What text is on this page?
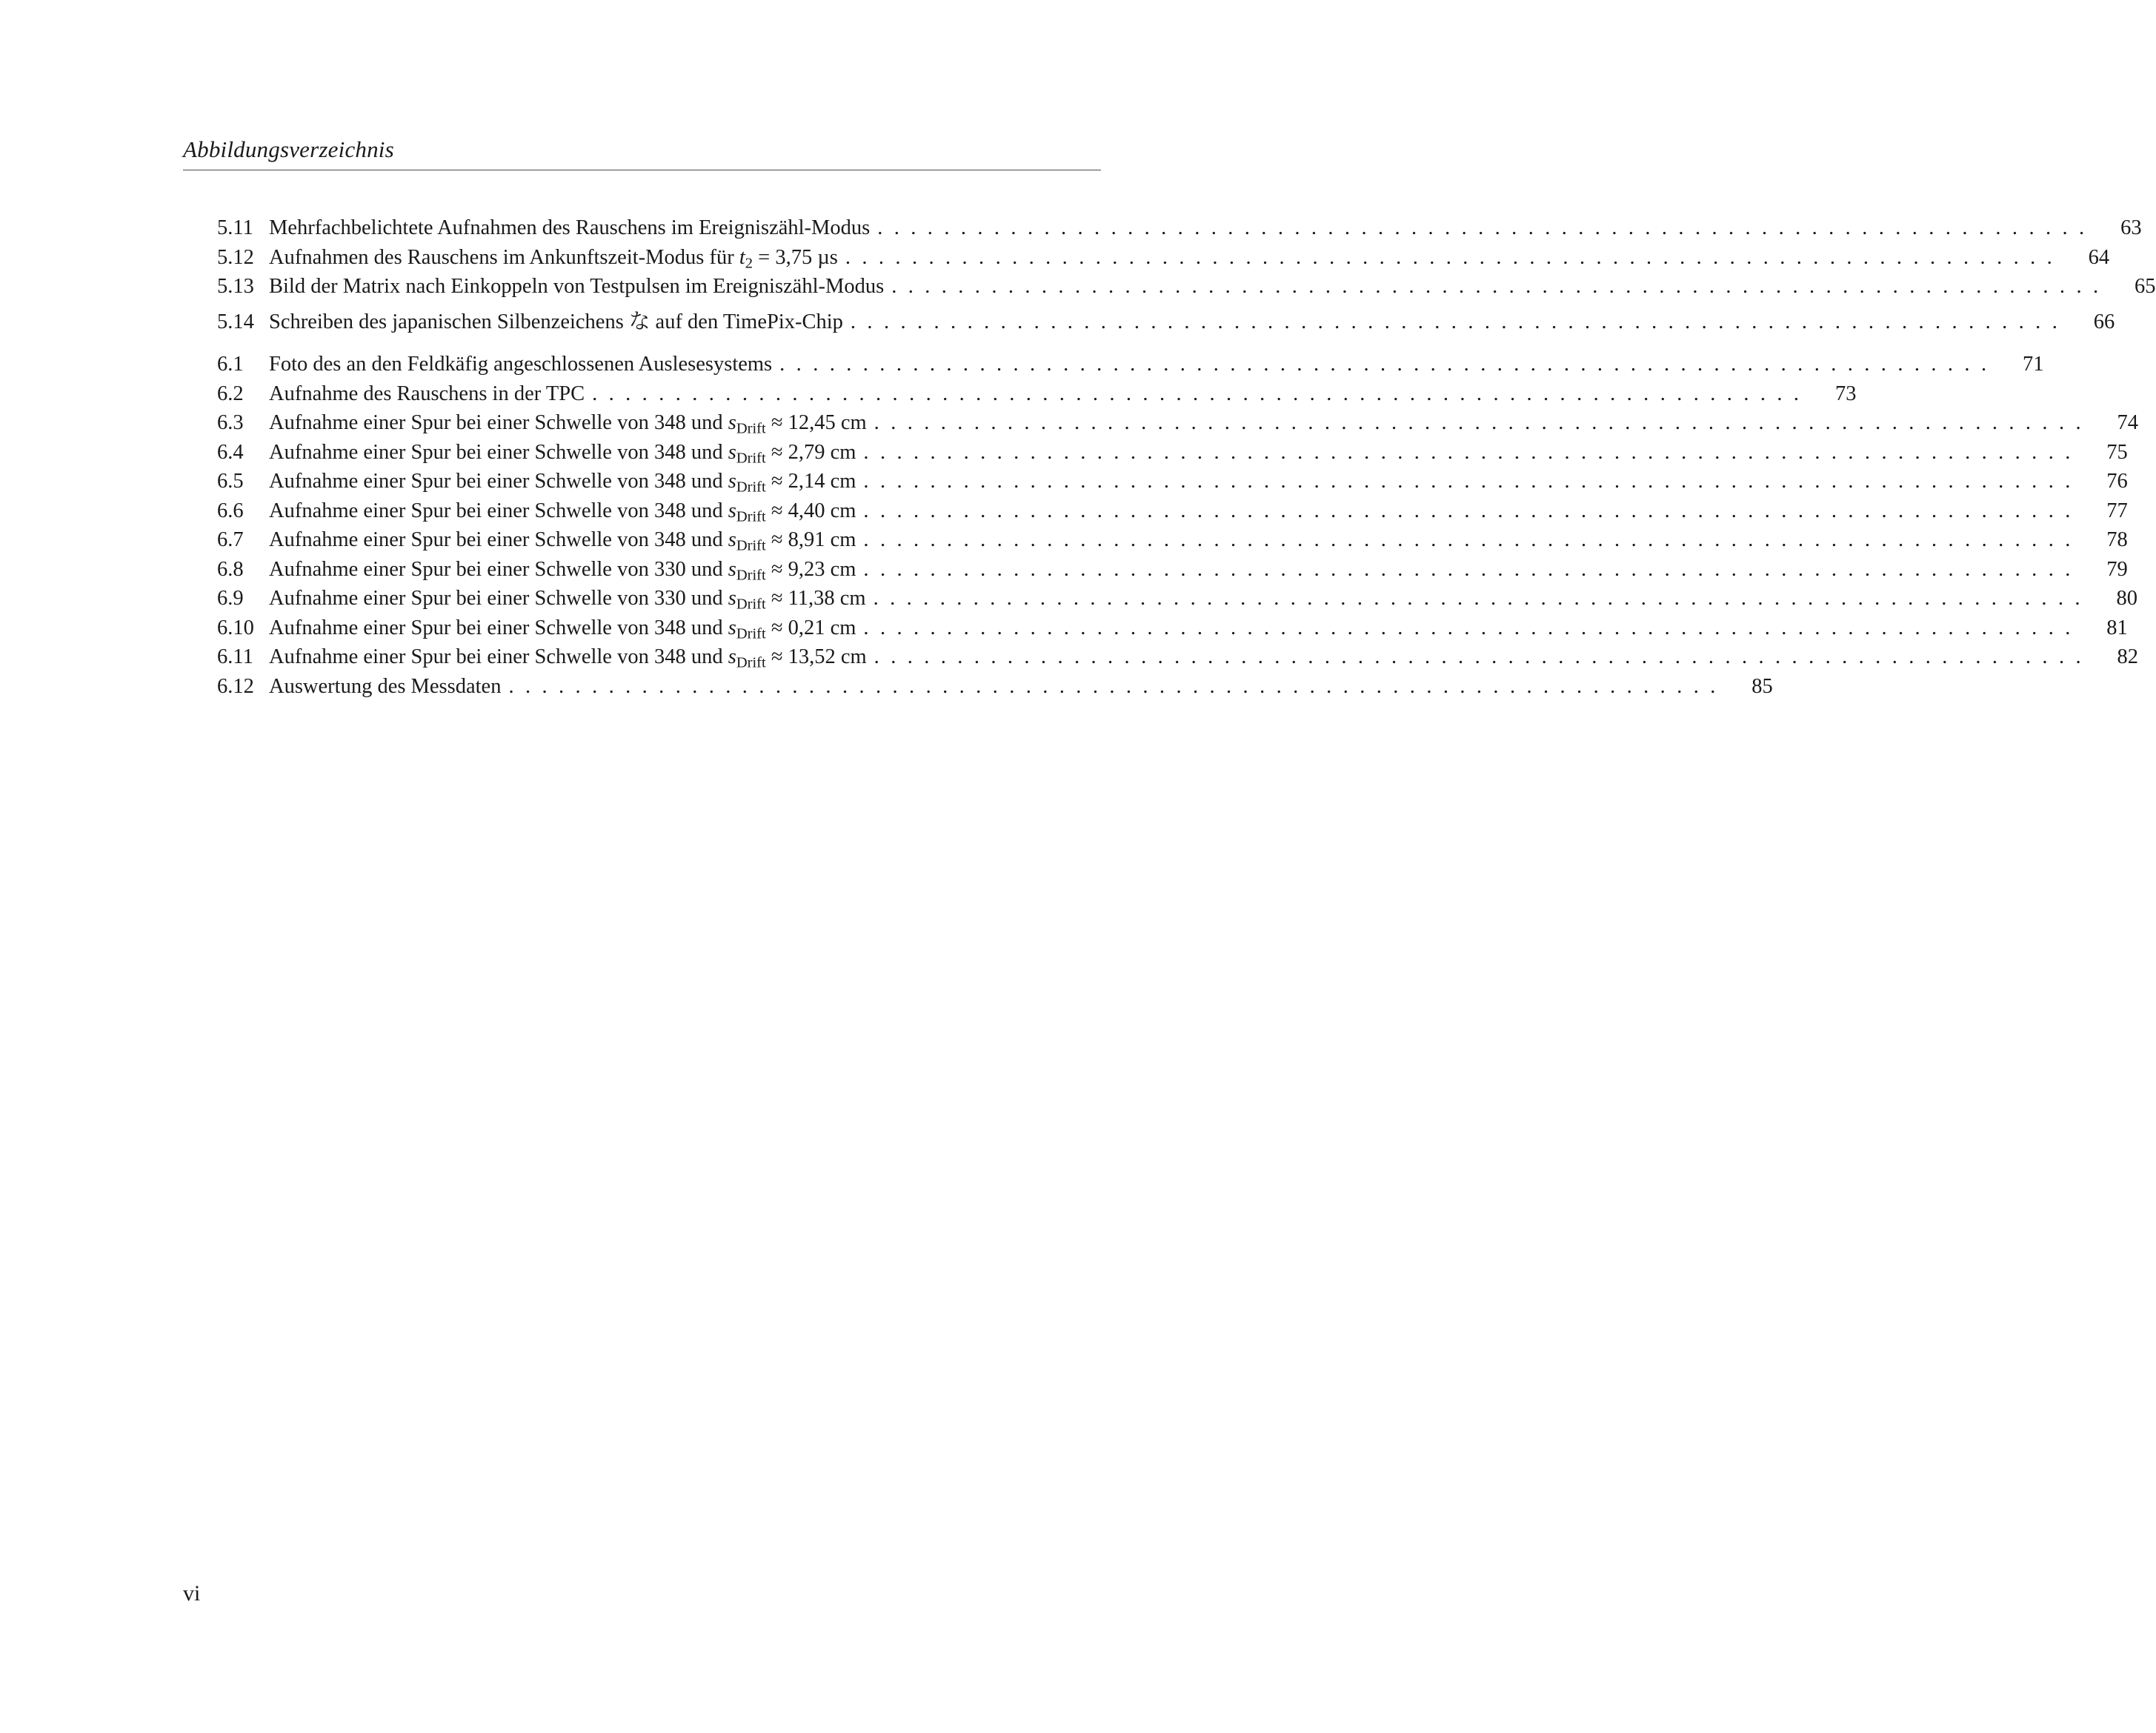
Abbildungsverzeichnis
5.11 Mehrfachbelichtete Aufnahmen des Rauschens im Ereigniszähl-Modus .........................................................................	63
5.12 Aufnahmen des Rauschens im Ankunftszeit-Modus für $t_2 = 3,75$ µs .........................................................................	64
5.13 Bild der Matrix nach Einkoppeln von Testpulsen im Ereigniszähl-Modus .........................................................................	65
5.14 Schreiben des japanischen Silbenzeichens な auf den TimePix-Chip .........................................................................	66
6.1	Foto des an den Feldkäfig angeschlossenen Auslesesystems .........................................................................	71
6.2	Aufnahme des Rauschens in der TPC .........................................................................	73
6.3	Aufnahme einer Spur bei einer Schwelle von 348 und $s_{Drift} \approx 12,45$ cm .........................................................................	74
6.4	Aufnahme einer Spur bei einer Schwelle von 348 und $s_{Drift} \approx 2,79$ cm .........................................................................	75
6.5	Aufnahme einer Spur bei einer Schwelle von 348 und $s_{Drift} \approx 2,14$ cm .........................................................................	76
6.6	Aufnahme einer Spur bei einer Schwelle von 348 und $s_{Drift} \approx 4,40$ cm .........................................................................	77
6.7	Aufnahme einer Spur bei einer Schwelle von 348 und $s_{Drift} \approx 8,91$ cm .........................................................................	78
6.8	Aufnahme einer Spur bei einer Schwelle von 330 und $s_{Drift} \approx 9,23$ cm .........................................................................	79
6.9	Aufnahme einer Spur bei einer Schwelle von 330 und $s_{Drift} \approx 11,38$ cm .........................................................................	80
6.10 Aufnahme einer Spur bei einer Schwelle von 348 und $s_{Drift} \approx 0,21$ cm .........................................................................	81
6.11 Aufnahme einer Spur bei einer Schwelle von 348 und $s_{Drift} \approx 13,52$ cm .........................................................................	82
6.12 Auswertung des Messdaten .........................................................................	85
vi
